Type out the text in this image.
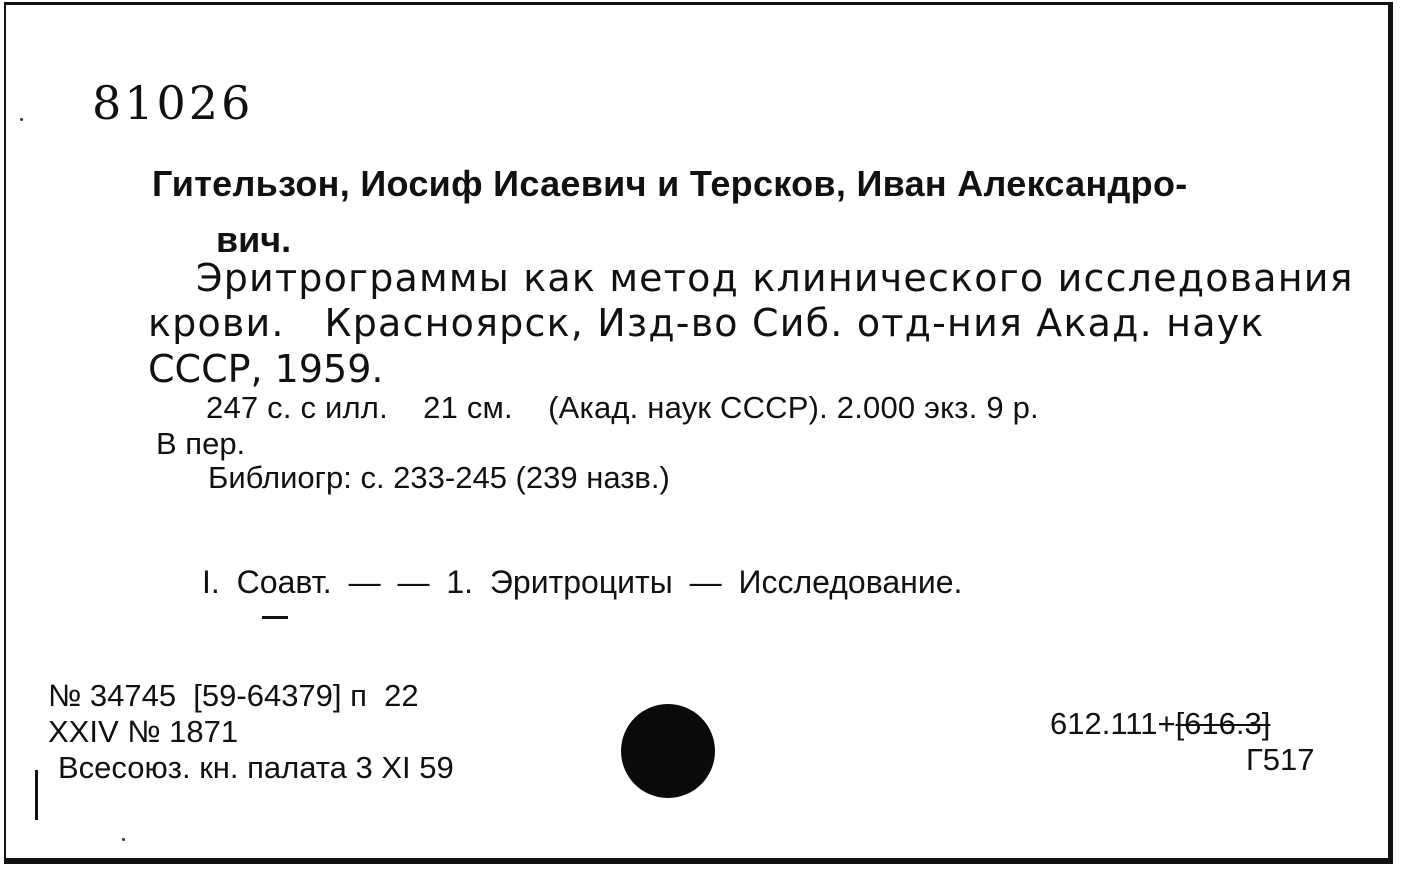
81026
Гительзон, Иосиф Исаевич и Терсков, Иван Александро-
вич.
Эритрограммы как метод клинического исследования
крови.   Красноярск, Изд-во Сиб. отд-ния Акад. наук
СССР, 1959.
247 с. с илл.    21 см.    (Акад. наук СССР). 2.000 экз. 9 р.
В пер.
Библиогр: с. 233-245 (239 назв.)
I. Соавт. — — 1. Эритроциты — Исследование.
№ 34745  [59-64379] п  22
XXIV № 1871
Всесоюз. кн. палата 3 XI 59
612.111+[616.3]
Г517
